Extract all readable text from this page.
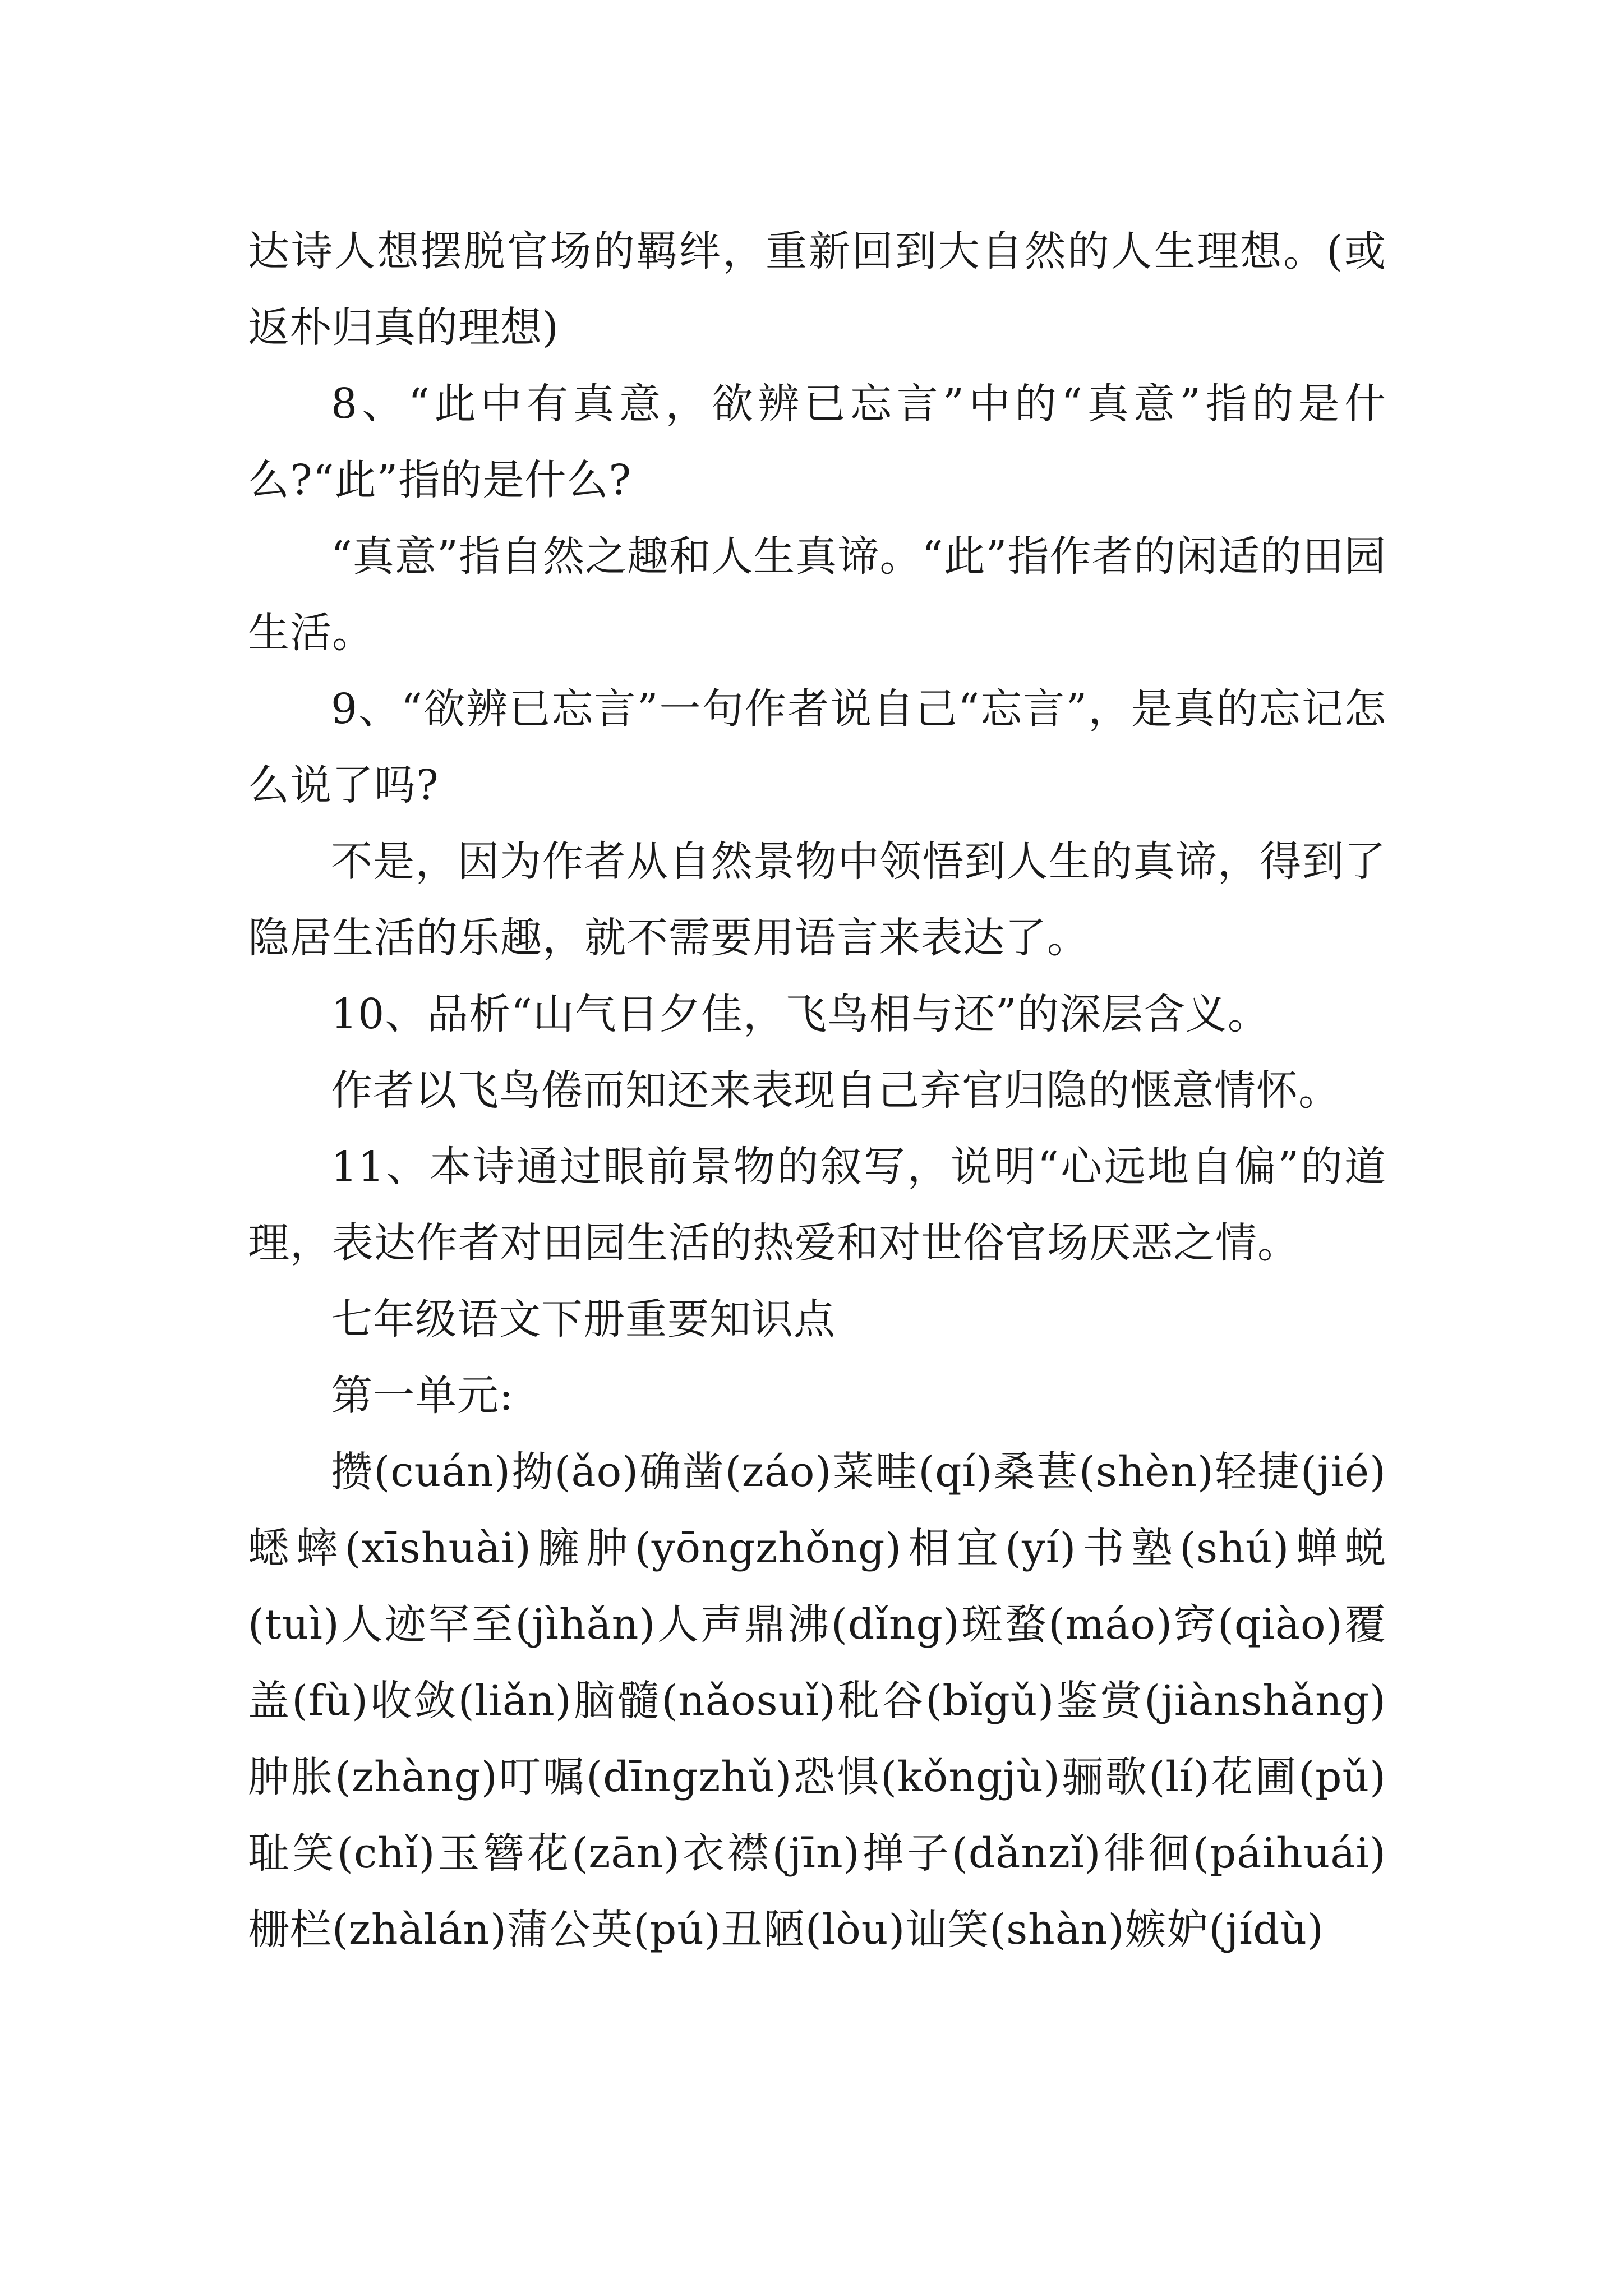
达诗人想摆脱官场的羁绊，重新回到大自然的人生理想。(或返朴归真的理想)

8、“此中有真意，欲辨已忘言”中的“真意”指的是什么?“此”指的是什么?

“真意”指自然之趣和人生真谛。“此”指作者的闲适的田园生活。

9、“欲辨已忘言”一句作者说自己“忘言”，是真的忘记怎么说了吗?

不是，因为作者从自然景物中领悟到人生的真谛，得到了隐居生活的乐趣，就不需要用语言来表达了。

10、品析“山气日夕佳，飞鸟相与还”的深层含义。

作者以飞鸟倦而知还来表现自己弃官归隐的惬意情怀。

11、本诗通过眼前景物的叙写，说明“心远地自偏”的道理，表达作者对田园生活的热爱和对世俗官场厌恶之情。

七年级语文下册重要知识点

第一单元:

攒(cuán)拗(ǎo)确凿(záo)菜畦(qí)桑葚(shèn)轻捷(jié)蟋蟀(xīshuài)臃肿(yōngzhǒng)相宜(yí)书塾(shú)蝉蜕(tuì)人迹罕至(jìhǎn)人声鼎沸(dǐng)斑蝥(máo)窍(qiào)覆盖(fù)收敛(liǎn)脑髓(nǎosuǐ)秕谷(bǐgǔ)鉴赏(jiànshǎng)肿胀(zhàng)叮嘱(dīngzhǔ)恐惧(kǒngjù)骊歌(lí)花圃(pǔ)耻笑(chǐ)玉簪花(zān)衣襟(jīn)掸子(dǎnzǐ)徘徊(páihuái)栅栏(zhàlán)蒲公英(pú)丑陋(lòu)讪笑(shàn)嫉妒(jídù)
